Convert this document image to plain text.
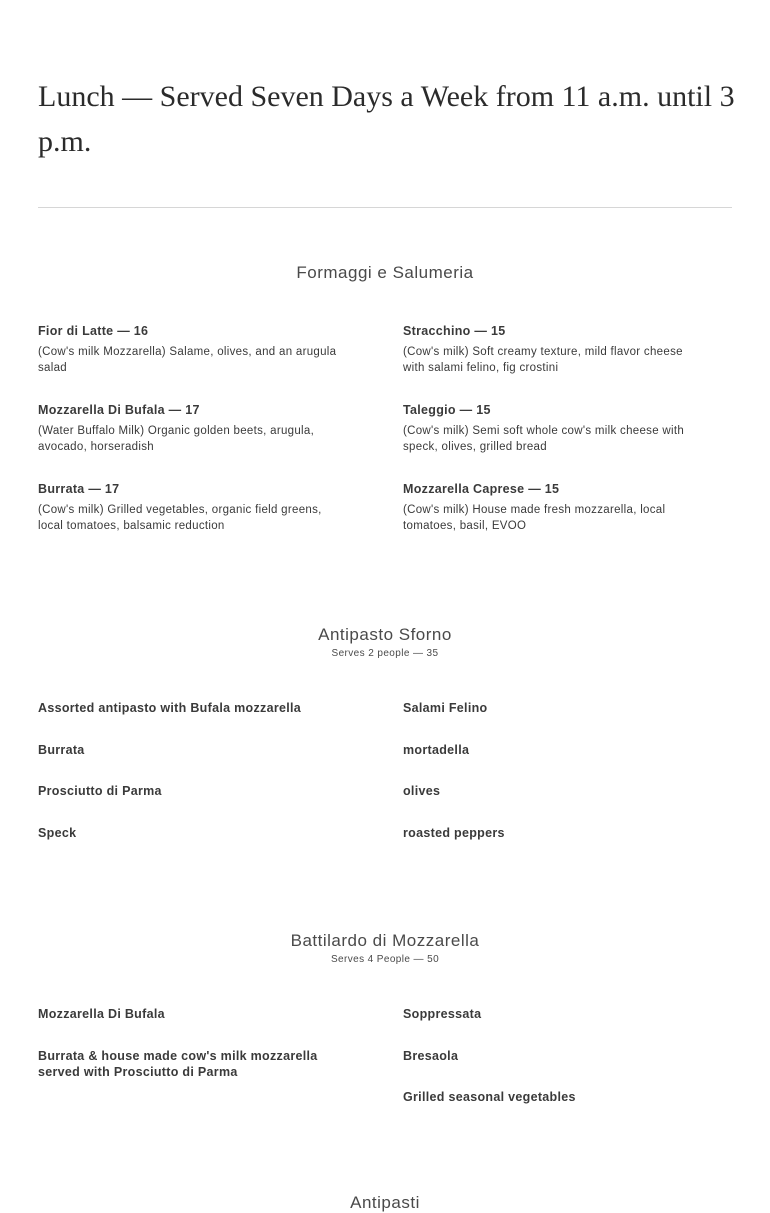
Lunch — Served Seven Days a Week from 11 a.m. until 3 p.m.
Formaggi e Salumeria
Fior di Latte — 16
(Cow's milk Mozzarella) Salame, olives, and an arugula salad
Stracchino — 15
(Cow's milk) Soft creamy texture, mild flavor cheese with salami felino, fig crostini
Mozzarella Di Bufala — 17
(Water Buffalo Milk) Organic golden beets, arugula, avocado, horseradish
Taleggio — 15
(Cow's milk) Semi soft whole cow's milk cheese with speck, olives, grilled bread
Burrata — 17
(Cow's milk) Grilled vegetables, organic field greens, local tomatoes, balsamic reduction
Mozzarella Caprese — 15
(Cow's milk) House made fresh mozzarella, local tomatoes, basil, EVOO
Antipasto Sforno
Serves 2 people — 35
Assorted antipasto with Bufala mozzarella	Salami Felino
Burrata	mortadella
Prosciutto di Parma	olives
Speck	roasted peppers
Battilardo di Mozzarella
Serves 4 People — 50
Mozzarella Di Bufala	Soppressata
Burrata & house made cow's milk mozzarella served with Prosciutto di Parma
Bresaola
Grilled seasonal vegetables
Antipasti
